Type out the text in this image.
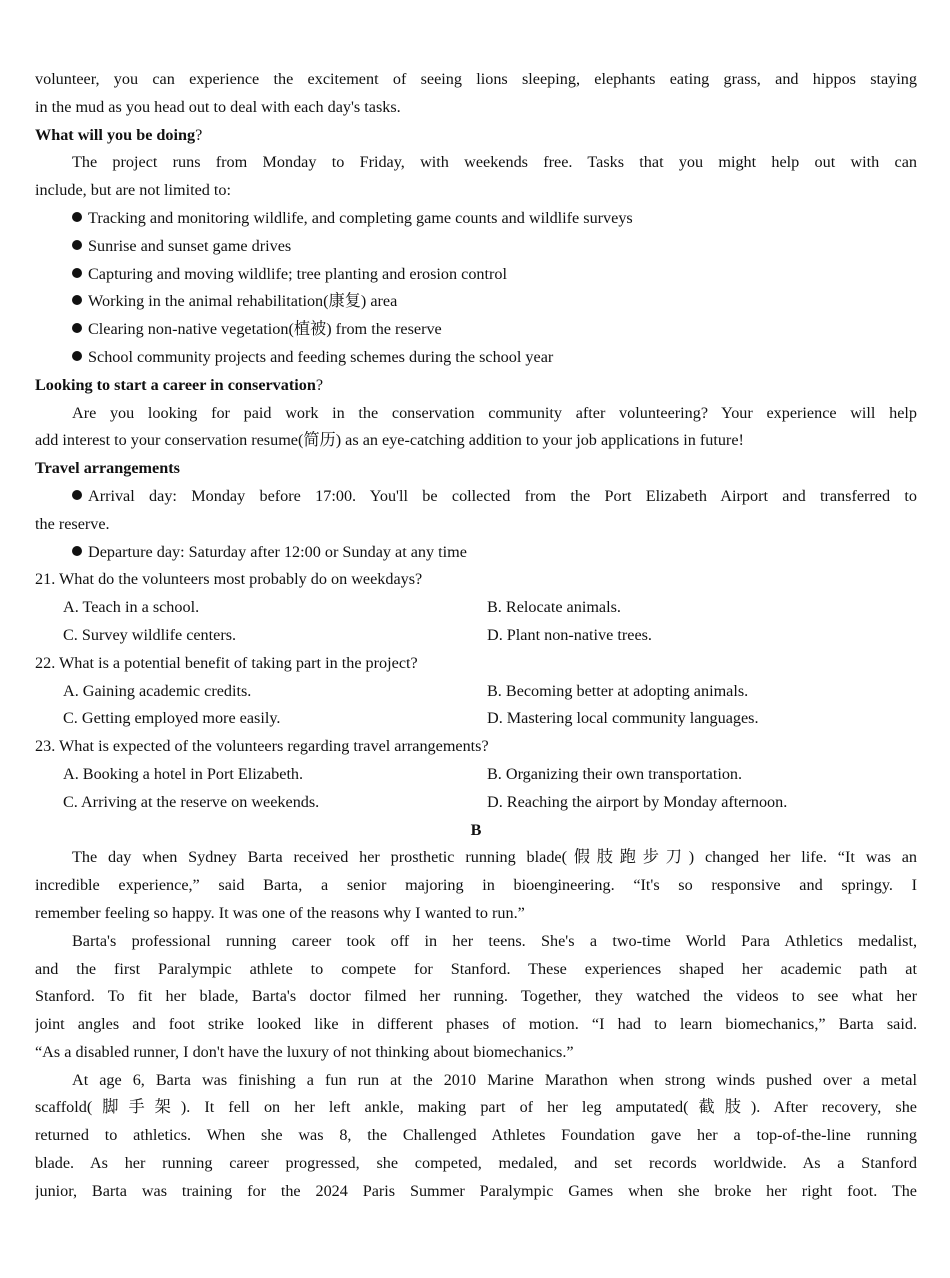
volunteer, you can experience the excitement of seeing lions sleeping, elephants eating grass, and hippos staying
in the mud as you head out to deal with each day's tasks.
What will you be doing?
The project runs from Monday to Friday, with weekends free. Tasks that you might help out with can
include, but are not limited to:
Tracking and monitoring wildlife, and completing game counts and wildlife surveys
Sunrise and sunset game drives
Capturing and moving wildlife; tree planting and erosion control
Working in the animal rehabilitation(康复) area
Clearing non-native vegetation(植被) from the reserve
School community projects and feeding schemes during the school year
Looking to start a career in conservation?
Are you looking for paid work in the conservation community after volunteering? Your experience will help
add interest to your conservation resume(简历) as an eye-catching addition to your job applications in future!
Travel arrangements
Arrival day: Monday before 17:00. You'll be collected from the Port Elizabeth Airport and transferred to
the reserve.
Departure day: Saturday after 12:00 or Sunday at any time
21. What do the volunteers most probably do on weekdays?
A. Teach in a school.	B. Relocate animals.
C. Survey wildlife centers.	D. Plant non-native trees.
22. What is a potential benefit of taking part in the project?
A. Gaining academic credits.	B. Becoming better at adopting animals.
C. Getting employed more easily.	D. Mastering local community languages.
23. What is expected of the volunteers regarding travel arrangements?
A. Booking a hotel in Port Elizabeth.	B. Organizing their own transportation.
C. Arriving at the reserve on weekends.	D. Reaching the airport by Monday afternoon.
B
The day when Sydney Barta received her prosthetic running blade(假肢跑步刀) changed her life. “It was an
incredible experience,” said Barta, a senior majoring in bioengineering. “It's so responsive and springy. I
remember feeling so happy. It was one of the reasons why I wanted to run.”
Barta's professional running career took off in her teens. She's a two-time World Para Athletics medalist,
and the first Paralympic athlete to compete for Stanford. These experiences shaped her academic path at
Stanford. To fit her blade, Barta's doctor filmed her running. Together, they watched the videos to see what her
joint angles and foot strike looked like in different phases of motion. “I had to learn biomechanics,” Barta said.
“As a disabled runner, I don't have the luxury of not thinking about biomechanics.”
At age 6, Barta was finishing a fun run at the 2010 Marine Marathon when strong winds pushed over a metal
scaffold(脚手架). It fell on her left ankle, making part of her leg amputated(截肢). After recovery, she
returned to athletics. When she was 8, the Challenged Athletes Foundation gave her a top-of-the-line running
blade. As her running career progressed, she competed, medaled, and set records worldwide. As a Stanford
junior, Barta was training for the 2024 Paris Summer Paralympic Games when she broke her right foot. The
